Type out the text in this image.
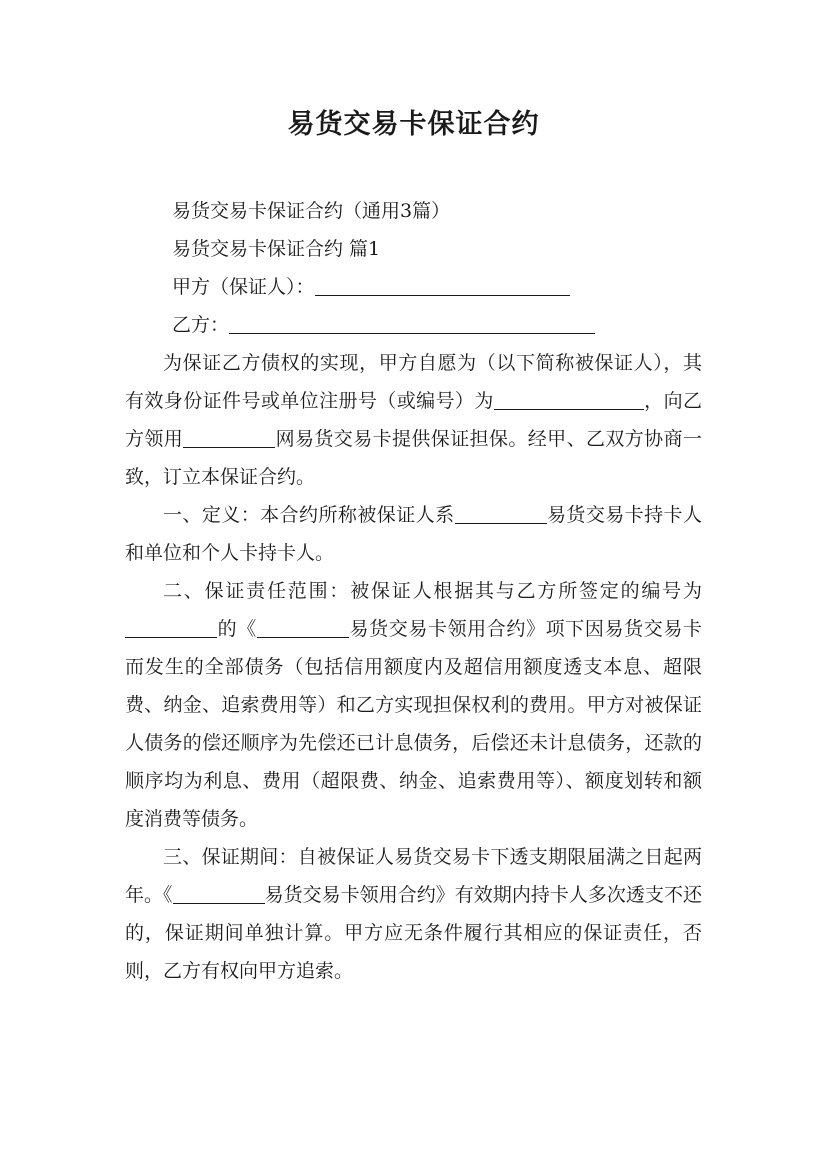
易货交易卡保证合约
易货交易卡保证合约（通用3篇）
易货交易卡保证合约 篇1
甲方（保证人）：
乙方：

为保证乙方债权的实现，甲方自愿为（以下简称被保证人），其有效身份证件号或单位注册号（或编号）为	，向乙方领用	网易货交易卡提供保证担保。经甲、乙双方协商一致，订立本保证合约。

一、定义：本合约所称被保证人系	易货交易卡持卡人和单位和个人卡持卡人。

二、保证责任范围：被保证人根据其与乙方所签定的编号为的《	易货交易卡领用合约》项下因易货交易卡而发生的全部债务（包括信用额度内及超信用额度透支本息、超限费、纳金、追索费用等）和乙方实现担保权利的费用。甲方对被保证人债务的偿还顺序为先偿还已计息债务，后偿还未计息债务，还款的顺序均为利息、费用（超限费、纳金、追索费用等）、额度划转和额度消费等债务。

三、保证期间：自被保证人易货交易卡下透支期限届满之日起两年。《	易货交易卡领用合约》有效期内持卡人多次透支不还的，保证期间单独计算。甲方应无条件履行其相应的保证责任，否则，乙方有权向甲方追索。
